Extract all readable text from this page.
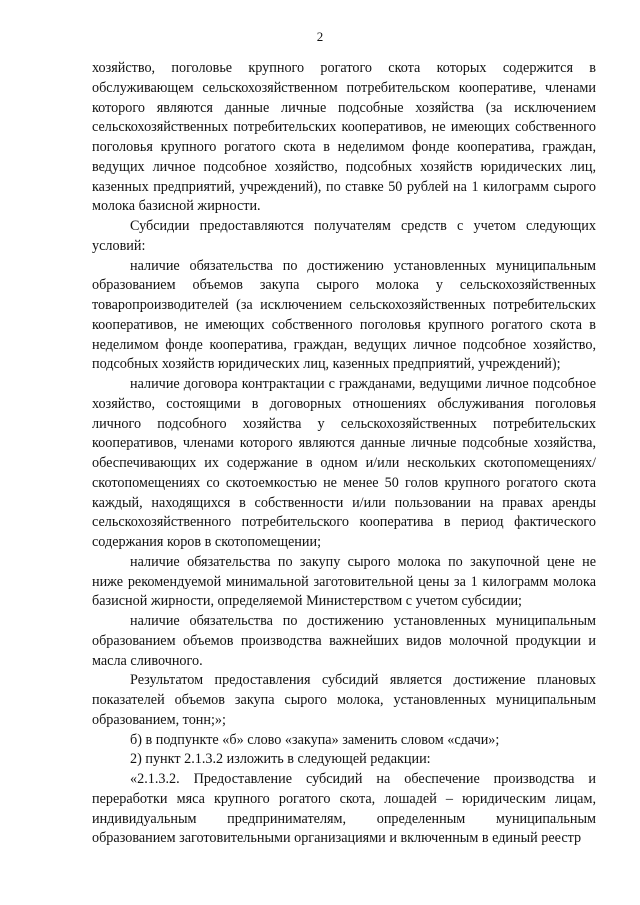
2

хозяйство, поголовье крупного рогатого скота которых содержится в обслуживающем сельскохозяйственном потребительском кооперативе, членами которого являются данные личные подсобные хозяйства (за исключением сельскохозяйственных потребительских кооперативов, не имеющих собственного поголовья крупного рогатого скота в неделимом фонде кооператива, граждан, ведущих личное подсобное хозяйство, подсобных хозяйств юридических лиц, казенных предприятий, учреждений), по ставке 50 рублей на 1 килограмм сырого молока базисной жирности.

Субсидии предоставляются получателям средств с учетом следующих условий:

наличие обязательства по достижению установленных муниципальным образованием объемов закупа сырого молока у сельскохозяйственных товаропроизводителей (за исключением сельскохозяйственных потребительских кооперативов, не имеющих собственного поголовья крупного рогатого скота в неделимом фонде кооператива, граждан, ведущих личное подсобное хозяйство, подсобных хозяйств юридических лиц, казенных предприятий, учреждений);

наличие договора контрактации с гражданами, ведущими личное подсобное хозяйство, состоящими в договорных отношениях обслуживания поголовья личного подсобного хозяйства у сельскохозяйственных потребительских кооперативов, членами которого являются данные личные подсобные хозяйства, обеспечивающих их содержание в одном и/или нескольких скотопомещениях/скотопомещениях со скотоемкостью не менее 50 голов крупного рогатого скота каждый, находящихся в собственности и/или пользовании на правах аренды сельскохозяйственного потребительского кооператива в период фактического содержания коров в скотопомещении;

наличие обязательства по закупу сырого молока по закупочной цене не ниже рекомендуемой минимальной заготовительной цены за 1 килограмм молока базисной жирности, определяемой Министерством с учетом субсидии;

наличие обязательства по достижению установленных муниципальным образованием объемов производства важнейших видов молочной продукции и масла сливочного.

Результатом предоставления субсидий является достижение плановых показателей объемов закупа сырого молока, установленных муниципальным образованием, тонн;»;

б) в подпункте «б» слово «закупа» заменить словом «сдачи»;

2) пункт 2.1.3.2 изложить в следующей редакции:

«2.1.3.2. Предоставление субсидий на обеспечение производства и переработки мяса крупного рогатого скота, лошадей – юридическим лицам, индивидуальным предпринимателям, определенным муниципальным образованием заготовительными организациями и включенным в единый реестр
